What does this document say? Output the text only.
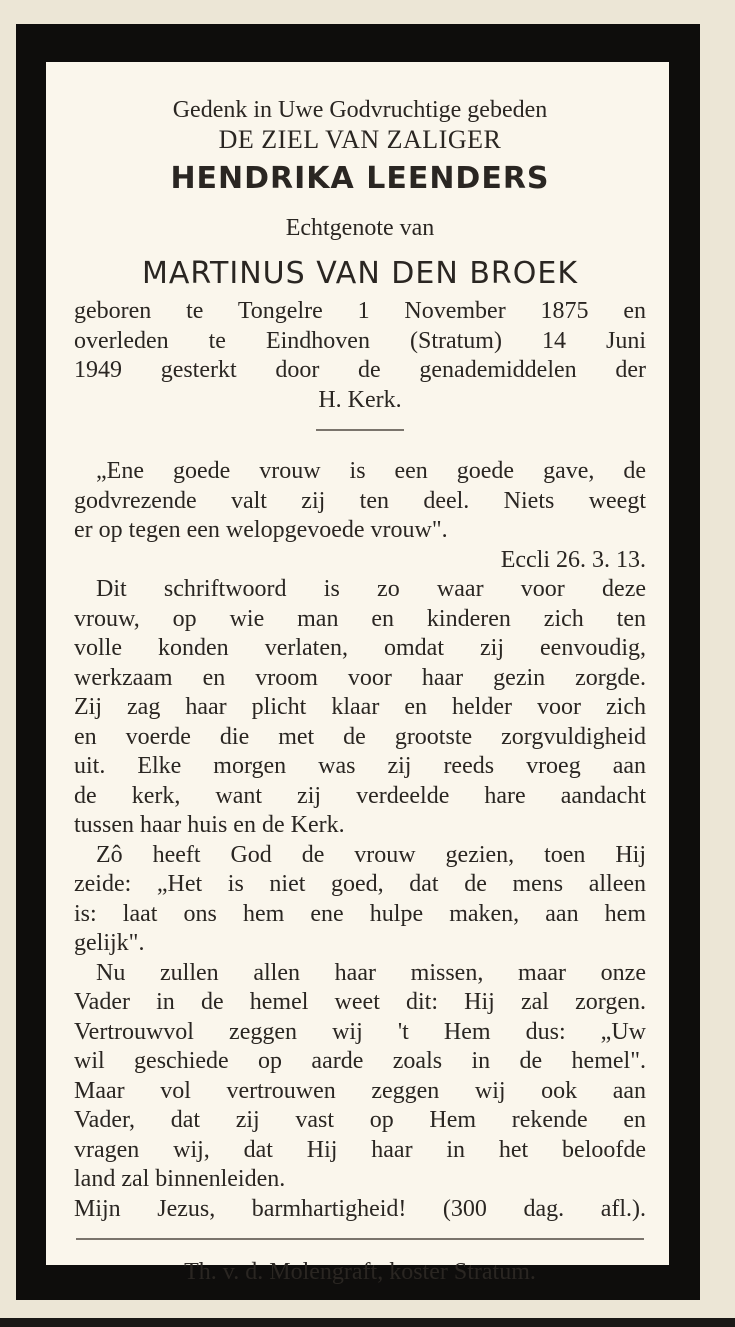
Gedenk in Uwe Godvruchtige gebeden
DE ZIEL VAN ZALIGER
HENDRIKA LEENDERS
Echtgenote van
MARTINUS VAN DEN BROEK
geboren te Tongelre 1 November 1875 en
overleden te Eindhoven (Stratum) 14 Juni
1949 gesterkt door de genademiddelen der
H. Kerk.
„Ene goede vrouw is een goede gave, de
godvrezende valt zij ten deel. Niets weegt
er op tegen een welopgevoede vrouw".
Eccli 26. 3. 13.
Dit schriftwoord is zo waar voor deze
vrouw, op wie man en kinderen zich ten
volle konden verlaten, omdat zij eenvoudig,
werkzaam en vroom voor haar gezin zorgde.
Zij zag haar plicht klaar en helder voor zich
en voerde die met de grootste zorgvuldigheid
uit. Elke morgen was zij reeds vroeg aan
de kerk, want zij verdeelde hare aandacht
tussen haar huis en de Kerk.
Zô heeft God de vrouw gezien, toen Hij
zeide: „Het is niet goed, dat de mens alleen
is: laat ons hem ene hulpe maken, aan hem
gelijk".
Nu zullen allen haar missen, maar onze
Vader in de hemel weet dit: Hij zal zorgen.
Vertrouwvol zeggen wij 't Hem dus: „Uw
wil geschiede op aarde zoals in de hemel".
Maar vol vertrouwen zeggen wij ook aan
Vader, dat zij vast op Hem rekende en
vragen wij, dat Hij haar in het beloofde
land zal binnenleiden.
Mijn Jezus, barmhartigheid! (300 dag. afl.).
Th. v. d. Molengraft, koster Stratum.
